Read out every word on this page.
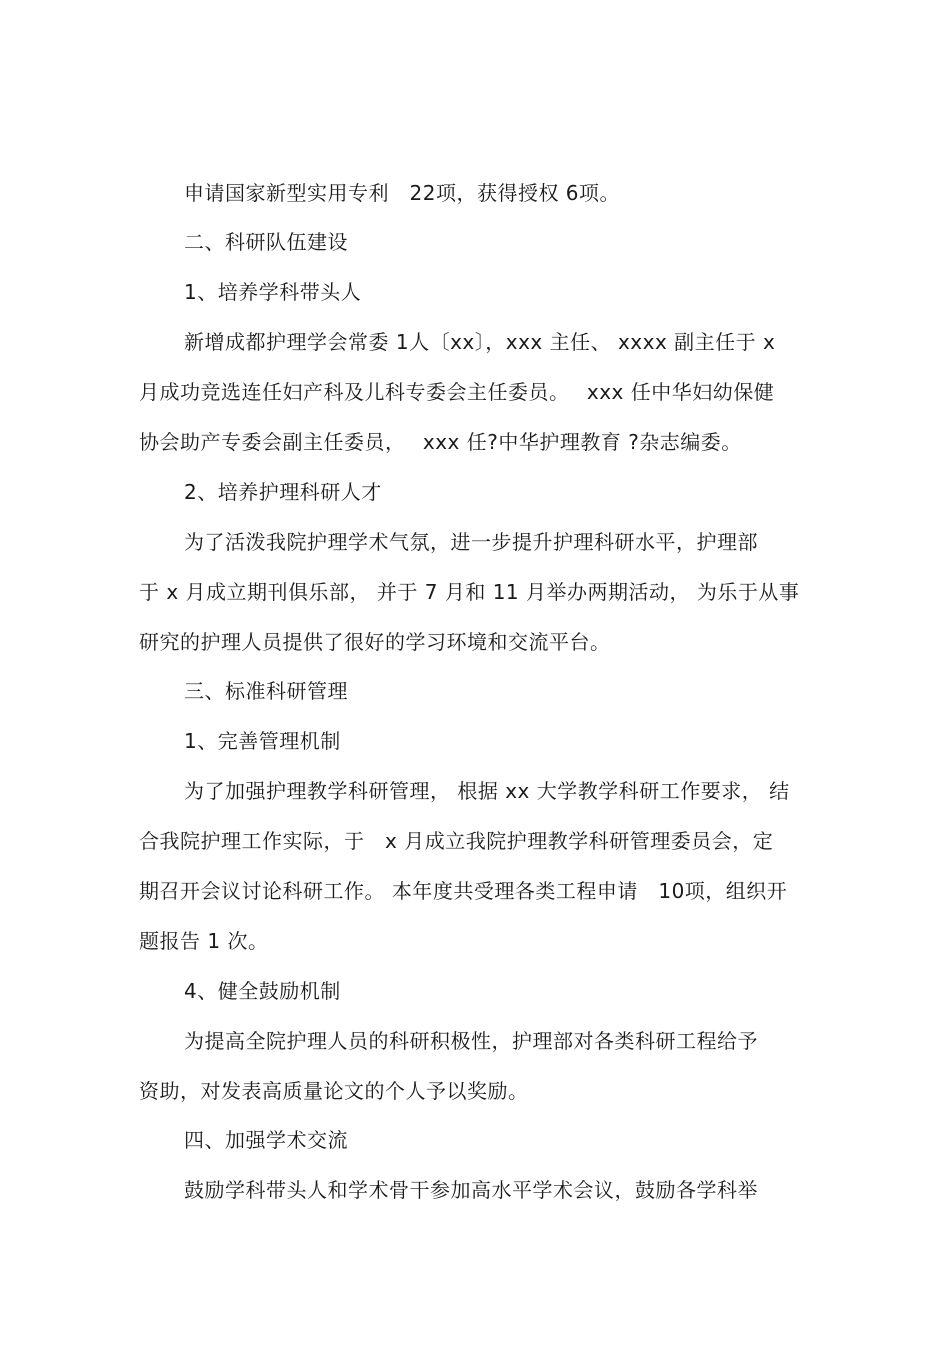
申请国家新型实用专利　22项，获得授权 6项。
二、科研队伍建设
1、培养学科带头人
新增成都护理学会常委 1人〔xx〕，xxx 主任、 xxxx 副主任于 x
月成功竞选连任妇产科及儿科专委会主任委员。　 xxx 任中华妇幼保健
协会助产专委会副主任委员，　 xxx 任?中华护理教育 ?杂志编委。
2、培养护理科研人才
为了活泼我院护理学术气氛，进一步提升护理科研水平，护理部
于 x 月成立期刊俱乐部， 并于 7 月和 11 月举办两期活动， 为乐于从事
研究的护理人员提供了很好的学习环境和交流平台。
三、标准科研管理
1、完善管理机制
为了加强护理教学科研管理， 根据 xx 大学教学科研工作要求， 结
合我院护理工作实际，于　x 月成立我院护理教学科研管理委员会，定
期召开会议讨论科研工作。 本年度共受理各类工程申请　10项，组织开
题报告 1 次。
4、健全鼓励机制
为提高全院护理人员的科研积极性，护理部对各类科研工程给予
资助，对发表高质量论文的个人予以奖励。
四、加强学术交流
鼓励学科带头人和学术骨干参加高水平学术会议，鼓励各学科举
